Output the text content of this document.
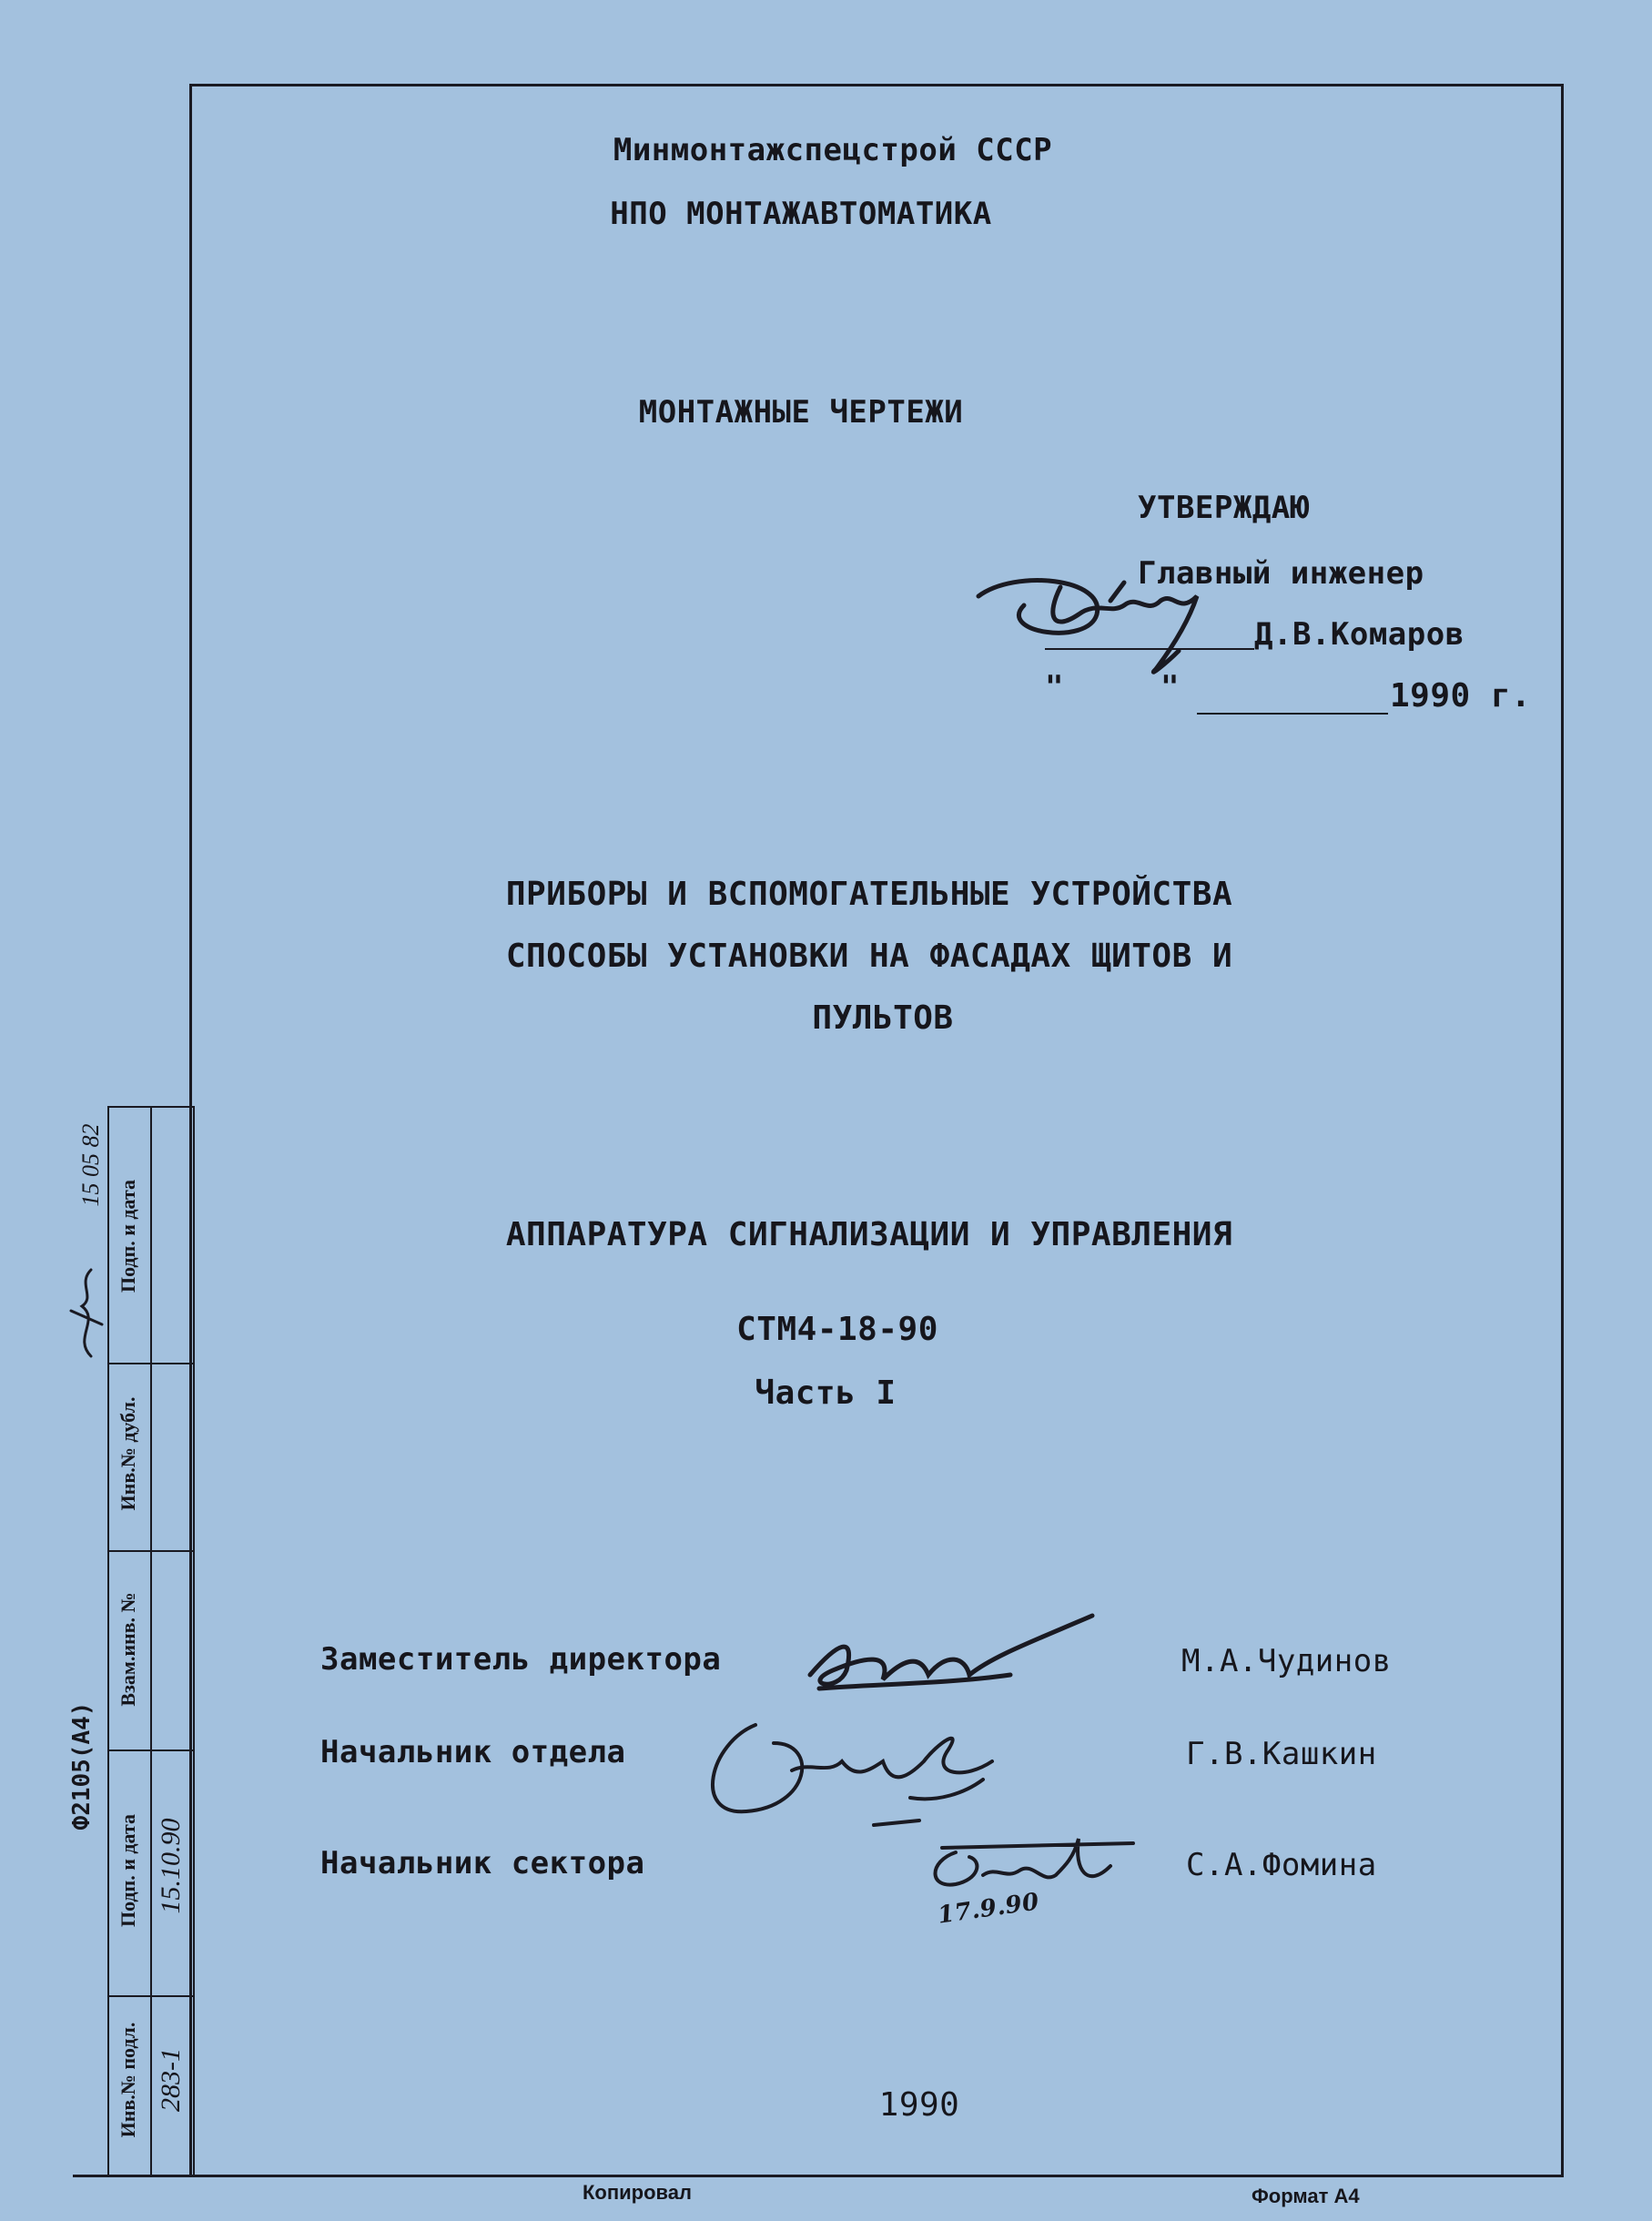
Минмонтажспецстрой СССР
НПО МОНТАЖАВТОМАТИКА
МОНТАЖНЫЕ ЧЕРТЕЖИ
УТВЕРЖДАЮ
Главный инженер
Д.В.Комаров
"	"	1990 г.
ПРИБОРЫ И ВСПОМОГАТЕЛЬНЫЕ УСТРОЙСТВА
СПОСОБЫ УСТАНОВКИ НА ФАСАДАХ ЩИТОВ И
ПУЛЬТОВ
АППАРАТУРА СИГНАЛИЗАЦИИ И УПРАВЛЕНИЯ
СТМ4-18-90
Часть I
Заместитель директора	М.А.Чудинов
Начальник отдела	Г.В.Кашкин
Начальник сектора	С.А.Фомина
17.9.90
1990
Инв.№ подл.
Подп. и дата
Взам.инв. №
Инв.№ дубл.
Подп. и дата
283-1
15.10.90
15 05 82
Ф2105(А4)
Копировал	Формат А4
